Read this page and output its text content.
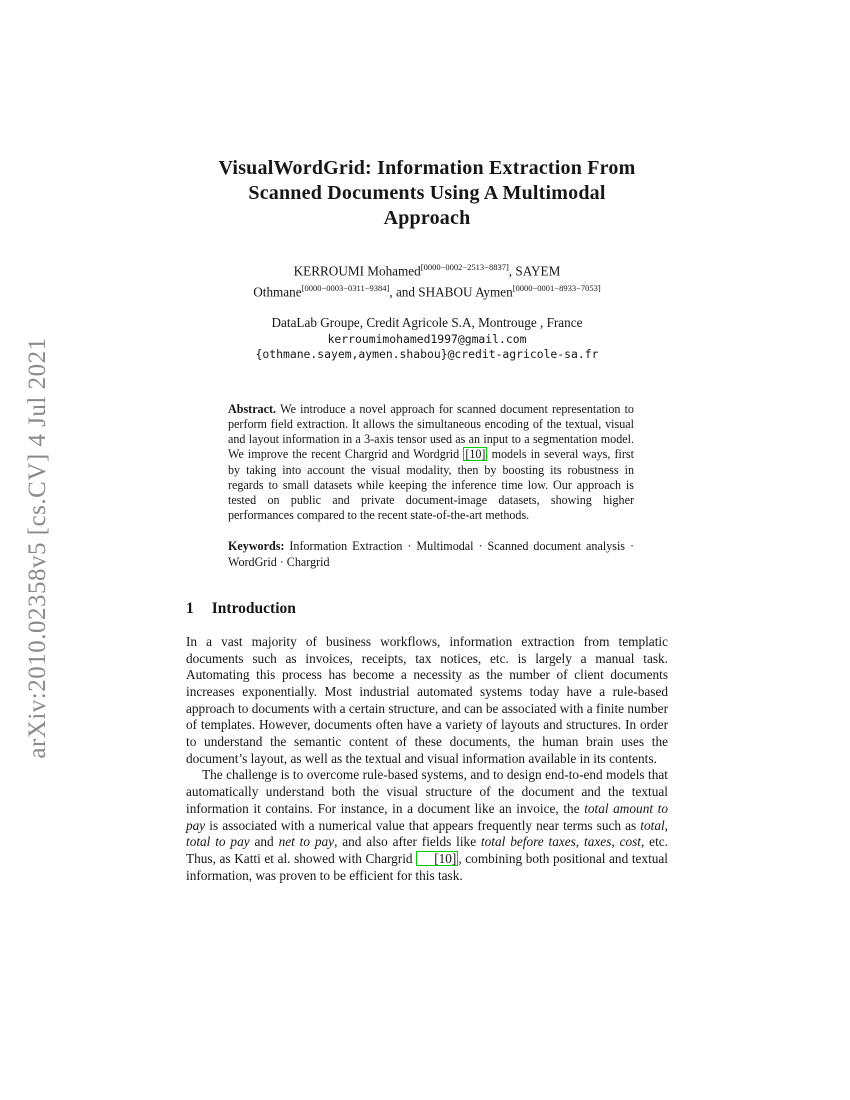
arXiv:2010.02358v5 [cs.CV] 4 Jul 2021
VisualWordGrid: Information Extraction From
Scanned Documents Using A Multimodal
Approach
KERROUMI Mohamed[0000−0002−2513−8837], SAYEM
Othmane[0000−0003−0311−9384], and SHABOU Aymen[0000−0001−8933−7053]
DataLab Groupe, Credit Agricole S.A, Montrouge , France
kerroumimohamed1997@gmail.com
{othmane.sayem,aymen.shabou}@credit-agricole-sa.fr

Abstract. We introduce a novel approach for scanned document representation to perform field extraction. It allows the simultaneous encoding of the textual, visual and layout information in a 3-axis tensor used as an input to a segmentation model. We improve the recent Chargrid and Wordgrid [10] models in several ways, first by taking into account the visual modality, then by boosting its robustness in regards to small datasets while keeping the inference time low. Our approach is tested on public and private document-image datasets, showing higher performances compared to the recent state-of-the-art methods.

Keywords: Information Extraction · Multimodal · Scanned document analysis · WordGrid · Chargrid

1 Introduction

In a vast majority of business workflows, information extraction from templatic documents such as invoices, receipts, tax notices, etc. is largely a manual task. Automating this process has become a necessity as the number of client documents increases exponentially. Most industrial automated systems today have a rule-based approach to documents with a certain structure, and can be associated with a finite number of templates. However, documents often have a variety of layouts and structures. In order to understand the semantic content of these documents, the human brain uses the document’s layout, as well as the textual and visual information available in its contents.

The challenge is to overcome rule-based systems, and to design end-to-end models that automatically understand both the visual structure of the document and the textual information it contains. For instance, in a document like an invoice, the total amount to pay is associated with a numerical value that appears frequently near terms such as total, total to pay and net to pay, and also after fields like total before taxes, taxes, cost, etc. Thus, as Katti et al. showed with Chargrid [10] , combining both positional and textual information, was proven to be efficient for this task.
